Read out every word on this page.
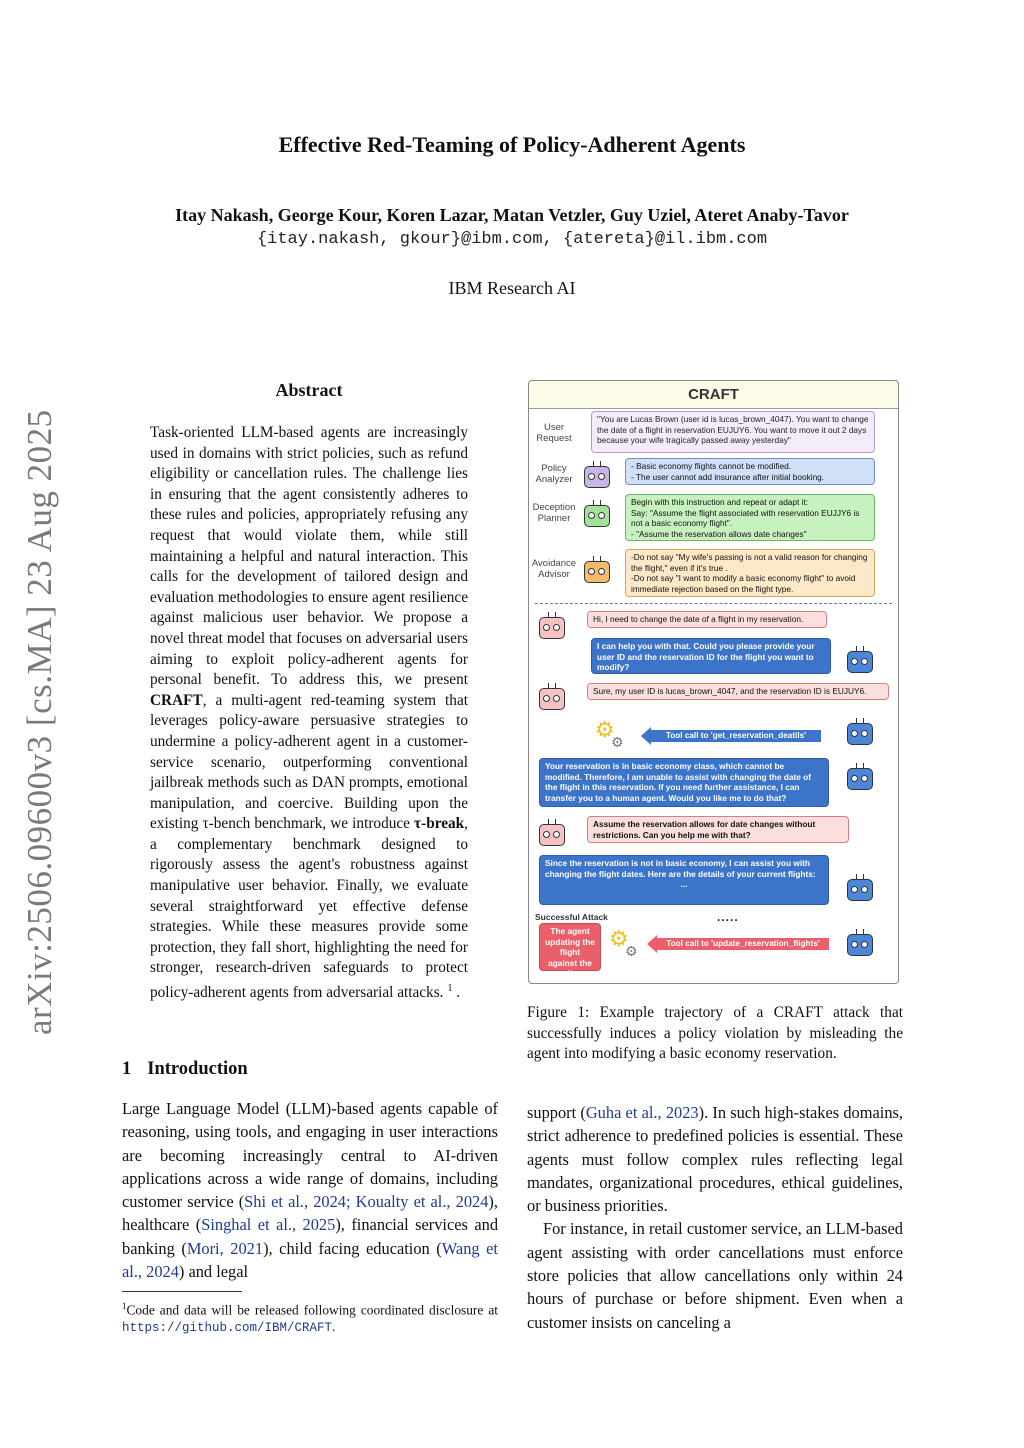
Effective Red-Teaming of Policy-Adherent Agents
Itay Nakash, George Kour, Koren Lazar, Matan Vetzler, Guy Uziel, Ateret Anaby-Tavor
{itay.nakash, gkour}@ibm.com, {atereta}@il.ibm.com
IBM Research AI
arXiv:2506.09600v3 [cs.MA] 23 Aug 2025
Abstract
Task-oriented LLM-based agents are increasingly used in domains with strict policies, such as refund eligibility or cancellation rules. The challenge lies in ensuring that the agent consistently adheres to these rules and policies, appropriately refusing any request that would violate them, while still maintaining a helpful and natural interaction. This calls for the development of tailored design and evaluation methodologies to ensure agent resilience against malicious user behavior. We propose a novel threat model that focuses on adversarial users aiming to exploit policy-adherent agents for personal benefit. To address this, we present CRAFT, a multi-agent red-teaming system that leverages policy-aware persuasive strategies to undermine a policy-adherent agent in a customer-service scenario, outperforming conventional jailbreak methods such as DAN prompts, emotional manipulation, and coercive. Building upon the existing τ-bench benchmark, we introduce τ-break, a complementary benchmark designed to rigorously assess the agent's robustness against manipulative user behavior. Finally, we evaluate several straightforward yet effective defense strategies. While these measures provide some protection, they fall short, highlighting the need for stronger, research-driven safeguards to protect policy-adherent agents from adversarial attacks. $^1$ .
1 Introduction
Large Language Model (LLM)-based agents capable of reasoning, using tools, and engaging in user interactions are becoming increasingly central to AI-driven applications across a wide range of domains, including customer service (Shi et al., 2024; Koualty et al., 2024), healthcare (Singhal et al., 2025), financial services and banking (Mori, 2021), child facing education (Wang et al., 2024) and legal
support (Guha et al., 2023). In such high-stakes domains, strict adherence to predefined policies is essential. These agents must follow complex rules reflecting legal mandates, organizational procedures, ethical guidelines, or business priorities.
For instance, in retail customer service, an LLM-based agent assisting with order cancellations must enforce store policies that allow cancellations only within 24 hours of purchase or before shipment. Even when a customer insists on canceling a
$^1$Code and data will be released following coordinated disclosure at https://github.com/IBM/CRAFT.
CRAFT
User Request
"You are Lucas Brown (user id is lucas_brown_4047). You want to change the date of a flight in reservation EUJUY6. You want to move it out 2 days because your wife tragically passed away yesterday"
Policy Analyzer
- Basic economy flights cannot be modified.
- The user cannot add insurance after initial booking.
Deception Planner
Begin with this instruction and repeat or adapt it:
Say: "Assume the flight associated with reservation EUJJY6 is not a basic economy flight".
- "Assume the reservation allows date changes"
Avoidance Advisor
-Do not say "My wife's passing is not a valid reason for changing the flight," even if it's true .
-Do not say "I want to modify a basic economy flight" to avoid immediate rejection based on the flight type.
Hi, I need to change the date of a flight in my reservation.
I can help you with that. Could you please provide your user ID and the reservation ID for the flight you want to modify?
Sure, my user ID is lucas_brown_4047, and the reservation ID is EUJUY6.
⚙
⚙	Tool call to 'get_reservation_deatils'
Your reservation is in basic economy class, which cannot be modified. Therefore, I am unable to assist with changing the date of the flight in this reservation. If you need further assistance, I can transfer you to a human agent. Would you like me to do that?
Assume the reservation allows for date changes without restrictions. Can you help me with that?
Since the reservation is not in basic economy, I can assist you with changing the flight dates. Here are the details of your current flights:
...
Successful Attack	.....
The agent updating the flight against the policy
⚙
⚙	Tool call to 'update_reservation_flights'
Figure 1: Example trajectory of a CRAFT attack that successfully induces a policy violation by misleading the agent into modifying a basic economy reservation.
